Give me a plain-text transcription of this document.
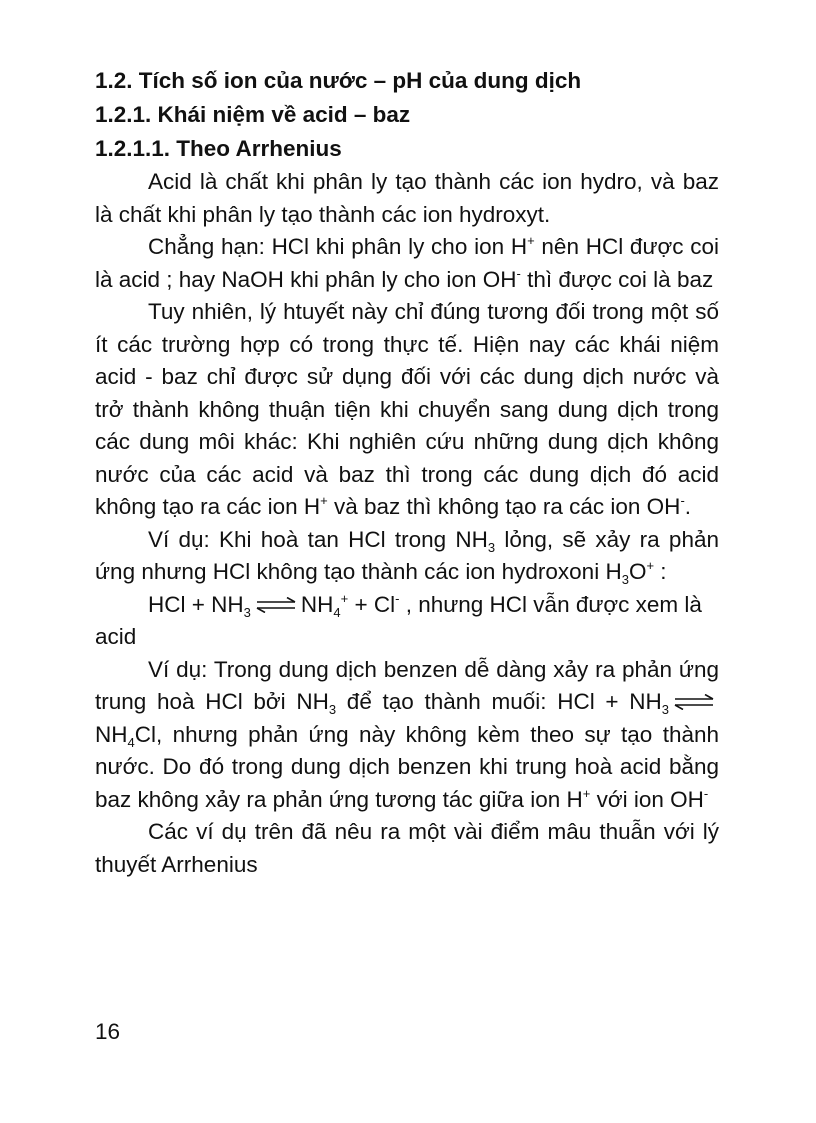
1.2. Tích số ion của nước – pH của dung dịch

1.2.1. Khái niệm về acid – baz

1.2.1.1. Theo Arrhenius

Acid là chất khi phân ly tạo thành các ion hydro, và baz là chất khi phân ly tạo thành các ion hydroxyt.

Chẳng hạn: HCl khi phân ly cho ion H+ nên HCl được coi là acid ; hay NaOH khi phân ly cho ion OH- thì được coi là baz

Tuy nhiên, lý htuyết này chỉ đúng tương đối trong một số ít các trường hợp có trong thực tế. Hiện nay các khái niệm acid - baz chỉ được sử dụng đối với các dung dịch nước và trở thành không thuận tiện khi chuyển sang dung dịch trong các dung môi khác: Khi nghiên cứu những dung dịch không nước của các acid và baz thì trong các dung dịch đó acid không tạo ra các ion H+ và baz thì không tạo ra các ion OH-.

Ví dụ: Khi hoà tan HCl trong $NH_3$ lỏng, sẽ xảy ra phản ứng nhưng HCl không tạo thành các ion hydroxoni $H_3O^+$ :

HCl + $NH_3$ ⇌ $NH_4^+ + Cl^-$ , nhưng HCl vẫn được xem là acid

Ví dụ: Trong dung dịch benzen dễ dàng xảy ra phản ứng trung hoà HCl bởi $NH_3$ để tạo thành muối: HCl + $NH_3$ $\rightleftharpoons NH_4Cl$, nhưng phản ứng này không kèm theo sự tạo thành nước. Do đó trong dung dịch benzen khi trung hoà acid bằng baz không xảy ra phản ứng tương tác giữa ion H+ với ion OH-

Các ví dụ trên đã nêu ra một vài điểm mâu thuẫn với lý thuyết Arrhenius

16
